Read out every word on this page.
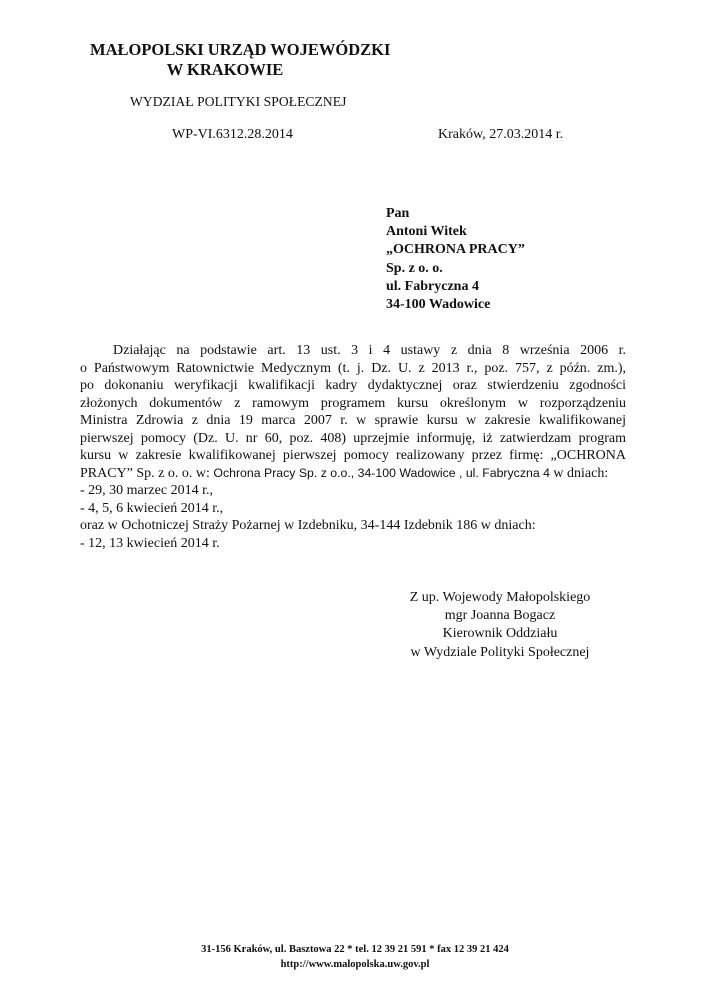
MAŁOPOLSKI URZĄD WOJEWÓDZKI
W KRAKOWIE
WYDZIAŁ POLITYKI SPOŁECZNEJ
WP-VI.6312.28.2014	Kraków, 27.03.2014 r.
Pan
Antoni Witek
„OCHRONA PRACY”
Sp. z o. o.
ul. Fabryczna 4
34-100 Wadowice
Działając na podstawie art. 13 ust. 3 i 4 ustawy z dnia 8 września 2006 r.
o Państwowym Ratownictwie Medycznym (t. j. Dz. U. z 2013 r., poz. 757, z późn. zm.),
po dokonaniu weryfikacji kwalifikacji kadry dydaktycznej oraz stwierdzeniu zgodności
złożonych dokumentów z ramowym programem kursu określonym w rozporządzeniu
Ministra Zdrowia z dnia 19 marca 2007 r. w sprawie kursu w zakresie kwalifikowanej
pierwszej pomocy (Dz. U. nr 60, poz. 408) uprzejmie informuję, iż zatwierdzam program
kursu w zakresie kwalifikowanej pierwszej pomocy realizowany przez firmę: „OCHRONA
PRACY” Sp. z o. o. w: Ochrona Pracy Sp. z o.o., 34-100 Wadowice , ul. Fabryczna 4 w dniach:
- 29, 30 marzec 2014 r.,
- 4, 5, 6 kwiecień 2014 r.,
oraz w Ochotniczej Straży Pożarnej w Izdebniku, 34-144 Izdebnik 186 w dniach:
- 12, 13 kwiecień 2014 r.
Z up. Wojewody Małopolskiego
mgr Joanna Bogacz
Kierownik Oddziału
w Wydziale Polityki Społecznej
31-156 Kraków, ul. Basztowa 22 * tel. 12 39 21 591 * fax 12 39 21 424
http://www.malopolska.uw.gov.pl
